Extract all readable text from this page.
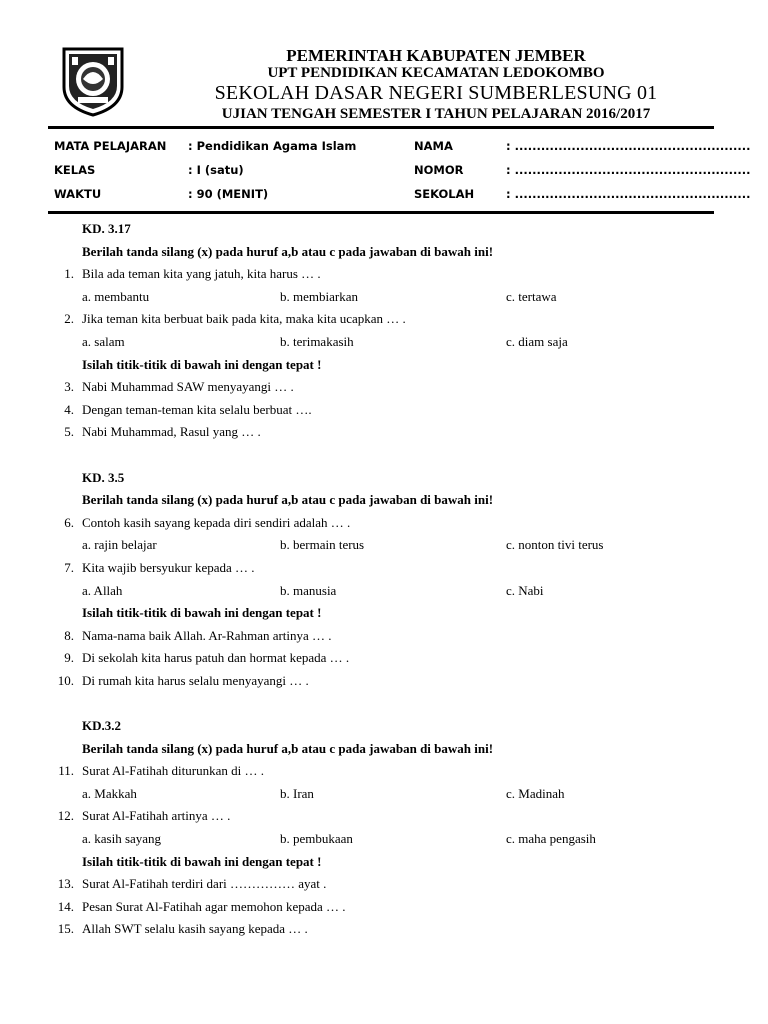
PEMERINTAH KABUPATEN JEMBER
UPT PENDIDIKAN KECAMATAN LEDOKOMBO
SEKOLAH DASAR NEGERI SUMBERLESUNG 01
UJIAN TENGAH SEMESTER I TAHUN PELAJARAN 2016/2017
MATA PELAJARAN : Pendidikan Agama Islam	NAMA	: ......................................................
KELAS	: I (satu)	NOMOR	: ......................................................
WAKTU	: 90 (MENIT)	SEKOLAH	: ......................................................
KD. 3.17
Berilah tanda silang (x) pada huruf a,b atau c pada jawaban di bawah ini!
1. Bila ada teman kita yang jatuh, kita harus … .
a. membantu	b. membiarkan	c. tertawa
2. Jika teman kita berbuat baik pada kita, maka kita ucapkan … .
a. salam	b. terimakasih	c. diam saja
Isilah titik-titik di bawah ini dengan tepat !
3. Nabi Muhammad SAW menyayangi … .
4. Dengan teman-teman kita selalu berbuat ….
5. Nabi Muhammad, Rasul yang … .
KD. 3.5
Berilah tanda silang (x) pada huruf a,b atau c pada jawaban di bawah ini!
6. Contoh kasih sayang kepada diri sendiri adalah … .
a. rajin belajar	b. bermain terus	c. nonton tivi terus
7. Kita wajib bersyukur kepada … .
a. Allah	b. manusia	c. Nabi
Isilah titik-titik di bawah ini dengan tepat !
8. Nama-nama baik Allah. Ar-Rahman artinya … .
9. Di sekolah kita harus patuh dan hormat kepada … .
10. Di rumah kita harus selalu menyayangi … .
KD.3.2
Berilah tanda silang (x) pada huruf a,b atau c pada jawaban di bawah ini!
11. Surat Al-Fatihah diturunkan di … .
a. Makkah	b. Iran	c. Madinah
12. Surat Al-Fatihah artinya … .
a. kasih sayang	b. pembukaan	c. maha pengasih
Isilah titik-titik di bawah ini dengan tepat !
13. Surat Al-Fatihah terdiri dari …………… ayat .
14. Pesan Surat Al-Fatihah agar memohon kepada … .
15. Allah SWT selalu kasih sayang kepada … .
